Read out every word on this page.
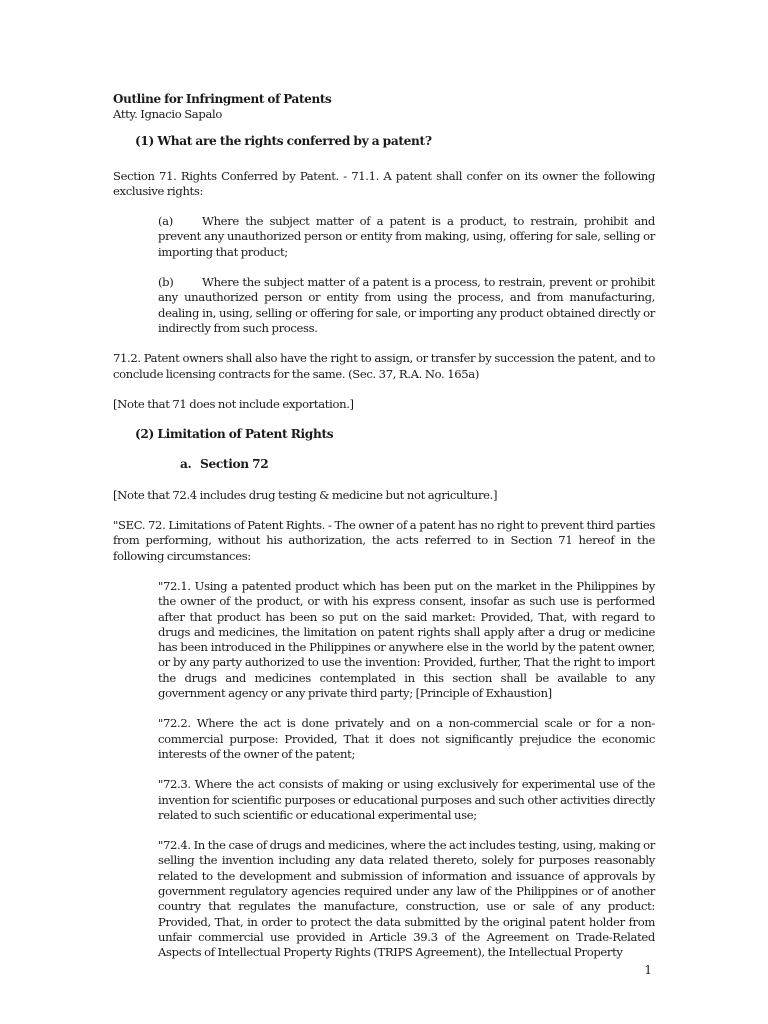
Outline for Infringment of Patents

Atty. Ignacio Sapalo

(1) What are the rights conferred by a patent?

Section 71. Rights Conferred by Patent. - 71.1. A patent shall confer on its owner the following exclusive rights:

(a)	Where the subject matter of a patent is a product, to restrain, prohibit and prevent any unauthorized person or entity from making, using, offering for sale, selling or importing that product;

(b) Where the subject matter of a patent is a process, to restrain, prevent or prohibit any unauthorized person or entity from using the process, and from manufacturing, dealing in, using, selling or offering for sale, or importing any product obtained directly or indirectly from such process.

71.2. Patent owners shall also have the right to assign, or transfer by succession the patent, and to conclude licensing contracts for the same. (Sec. 37, R.A. No. 165a)

[Note that 71 does not include exportation.]

(2) Limitation of Patent Rights

a. Section 72

[Note that 72.4 includes drug testing & medicine but not agriculture.]

"SEC. 72. Limitations of Patent Rights. - The owner of a patent has no right to prevent third parties from performing, without his authorization, the acts referred to in Section 71 hereof in the following circumstances:

"72.1. Using a patented product which has been put on the market in the Philippines by the owner of the product, or with his express consent, insofar as such use is performed after that product has been so put on the said market: Provided, That, with regard to drugs and medicines, the limitation on patent rights shall apply after a drug or medicine has been introduced in the Philippines or anywhere else in the world by the patent owner, or by any party authorized to use the invention: Provided, further, That the right to import the drugs and medicines contemplated in this section shall be available to any government agency or any private third party; [Principle of Exhaustion]

"72.2. Where the act is done privately and on a non-commercial scale or for a non-commercial purpose: Provided, That it does not significantly prejudice the economic interests of the owner of the patent;

"72.3. Where the act consists of making or using exclusively for experimental use of the invention for scientific purposes or educational purposes and such other activities directly related to such scientific or educational experimental use;

"72.4. In the case of drugs and medicines, where the act includes testing, using, making or selling the invention including any data related thereto, solely for purposes reasonably related to the development and submission of information and issuance of approvals by government regulatory agencies required under any law of the Philippines or of another country that regulates the manufacture, construction, use or sale of any product: Provided, That, in order to protect the data submitted by the original patent holder from unfair commercial use provided in Article 39.3 of the Agreement on Trade-Related Aspects of Intellectual Property Rights (TRIPS Agreement), the Intellectual Property

1
